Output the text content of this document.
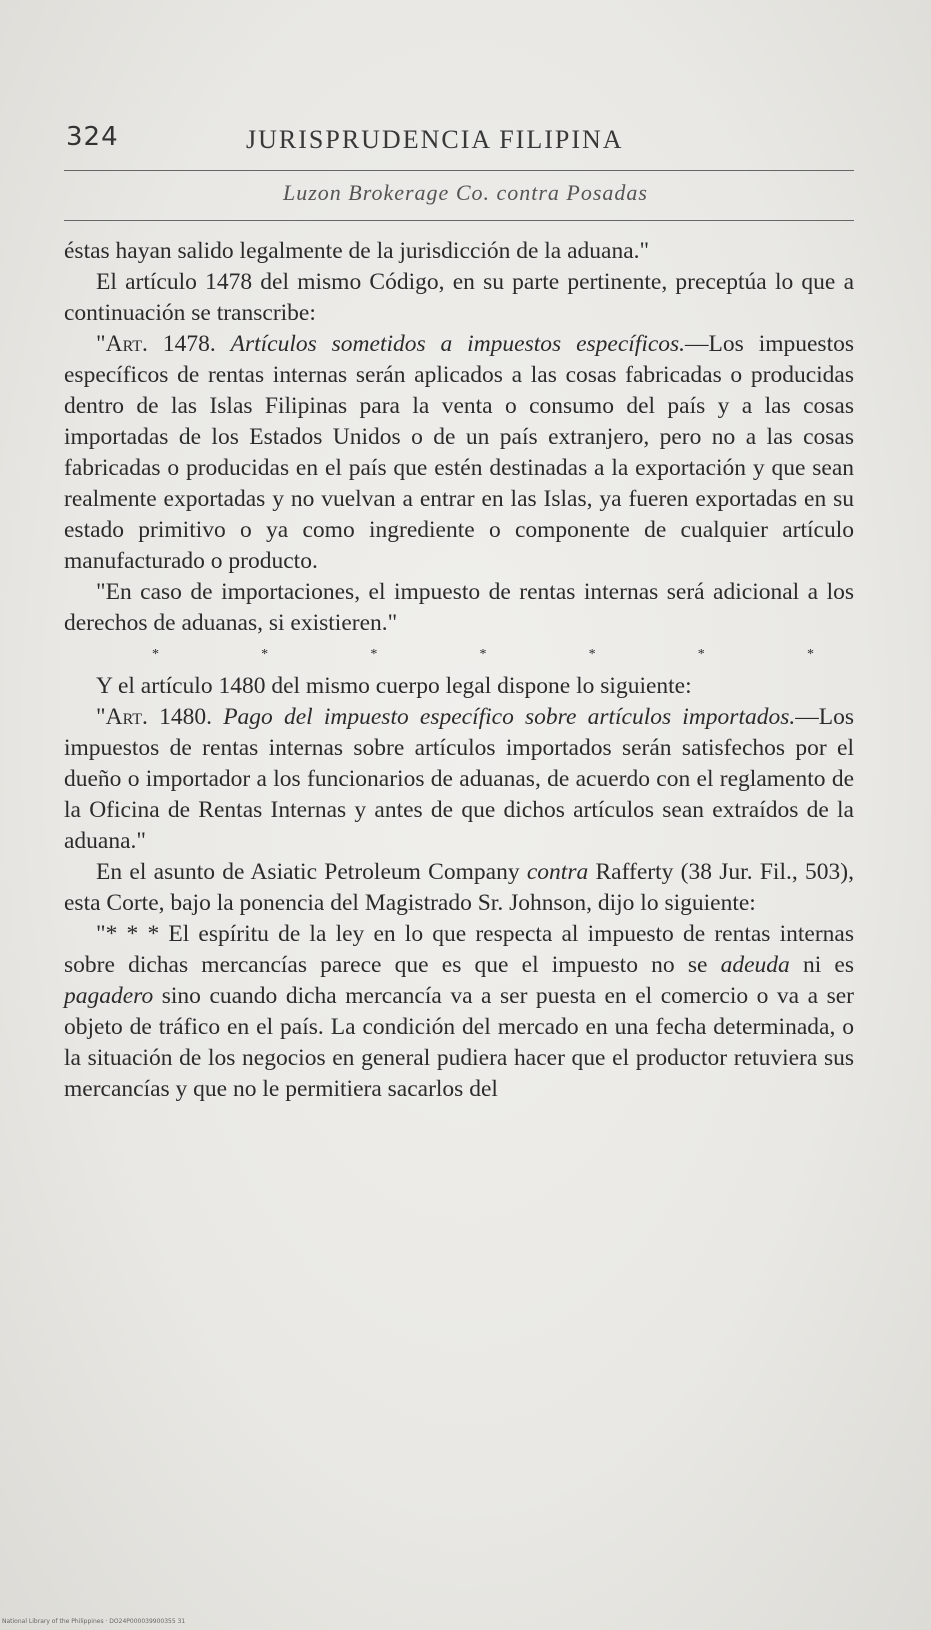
324	JURISPRUDENCIA FILIPINA
Luzon Brokerage Co. contra Posadas

éstas hayan salido legalmente de la jurisdicción de la aduana."

El artículo 1478 del mismo Código, en su parte pertinente, preceptúa lo que a continuación se transcribe:

"Art. 1478. Artículos sometidos a impuestos específicos.—Los impuestos específicos de rentas internas serán aplicados a las cosas fabricadas o producidas dentro de las Islas Filipinas para la venta o consumo del país y a las cosas importadas de los Estados Unidos o de un país extranjero, pero no a las cosas fabricadas o producidas en el país que estén destinadas a la exportación y que sean realmente exportadas y no vuelvan a entrar en las Islas, ya fueren exportadas en su estado primitivo o ya como ingrediente o componente de cualquier artículo manufacturado o producto.

"En caso de importaciones, el impuesto de rentas internas será adicional a los derechos de aduanas, si existieren."

*	*	*	*	*	*	*

Y el artículo 1480 del mismo cuerpo legal dispone lo siguiente:

"Art. 1480. Pago del impuesto específico sobre artículos importados.—Los impuestos de rentas internas sobre artículos importados serán satisfechos por el dueño o importador a los funcionarios de aduanas, de acuerdo con el reglamento de la Oficina de Rentas Internas y antes de que dichos artículos sean extraídos de la aduana."

En el asunto de Asiatic Petroleum Company contra Rafferty (38 Jur. Fil., 503), esta Corte, bajo la ponencia del Magistrado Sr. Johnson, dijo lo siguiente:

"* * * El espíritu de la ley en lo que respecta al impuesto de rentas internas sobre dichas mercancías parece que es que el impuesto no se adeuda ni es pagadero sino cuando dicha mercancía va a ser puesta en el comercio o va a ser objeto de tráfico en el país. La condición del mercado en una fecha determinada, o la situación de los negocios en general pudiera hacer que el productor retuviera sus mercancías y que no le permitiera sacarlos del

National Library of the Philippines · DO24P000039900355 31
